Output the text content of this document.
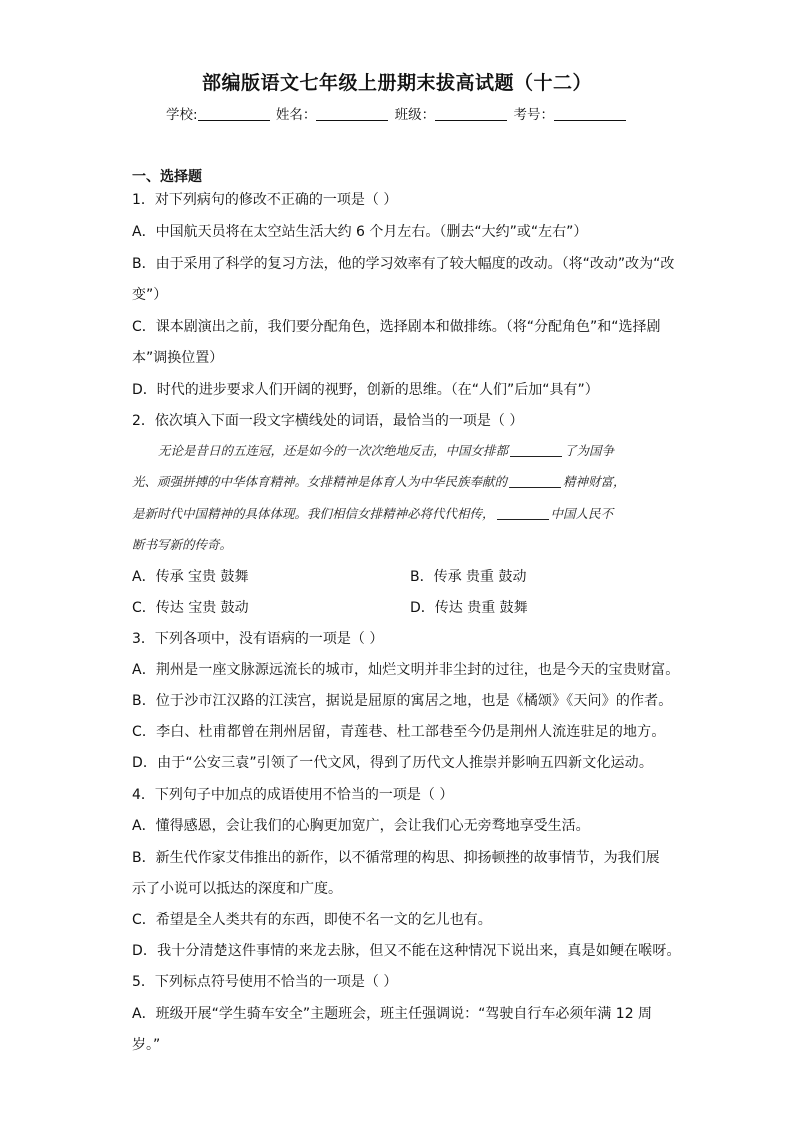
部编版语文七年级上册期末拔高试题（十二）
学校:	姓名：	班级：	考号：
一、选择题
1．对下列病句的修改不正确的一项是（ ）
A．中国航天员将在太空站生活大约 6 个月左右。（删去“大约”或“左右”）
B．由于采用了科学的复习方法，他的学习效率有了较大幅度的改动。（将“改动”改为“改
变”）
C．课本剧演出之前，我们要分配角色，选择剧本和做排练。（将“分配角色”和“选择剧
本”调换位置）
D．时代的进步要求人们开阔的视野，创新的思维。（在“人们”后加“具有”）
2．依次填入下面一段文字横线处的词语，最恰当的一项是（ ）
无论是昔日的五连冠，还是如今的一次次绝地反击，中国女排都	了为国争
光、顽强拼搏的中华体育精神。女排精神是体育人为中华民族奉献的	精神财富，
是新时代中国精神的具体体现。我们相信女排精神必将代代相传，	中国人民不
断书写新的传奇。
A．传承 宝贵 鼓舞	B．传承 贵重 鼓动
C．传达 宝贵 鼓动	D．传达 贵重 鼓舞
3．下列各项中，没有语病的一项是（ ）
A．荆州是一座文脉源远流长的城市，灿烂文明并非尘封的过往，也是今天的宝贵财富。
B．位于沙市江汉路的江渎宫，据说是屈原的寓居之地，也是《橘颂》《天问》的作者。
C．李白、杜甫都曾在荆州居留，青莲巷、杜工部巷至今仍是荆州人流连驻足的地方。
D．由于“公安三袁”引领了一代文风，得到了历代文人推崇并影响五四新文化运动。
4．下列句子中加点的成语使用不恰当的一项是（ ）
A．懂得感恩，会让我们的心胸更加宽广，会让我们心无旁骛地享受生活。
B．新生代作家艾伟推出的新作，以不循常理的构思、抑扬顿挫的故事情节，为我们展
示了小说可以抵达的深度和广度。
C．希望是全人类共有的东西，即使不名一文的乞儿也有。
D．我十分清楚这件事情的来龙去脉，但又不能在这种情况下说出来，真是如鲠在喉呀。
5．下列标点符号使用不恰当的一项是（ ）
A．班级开展“学生骑车安全”主题班会，班主任强调说：“驾驶自行车必须年满 12 周
岁。”
